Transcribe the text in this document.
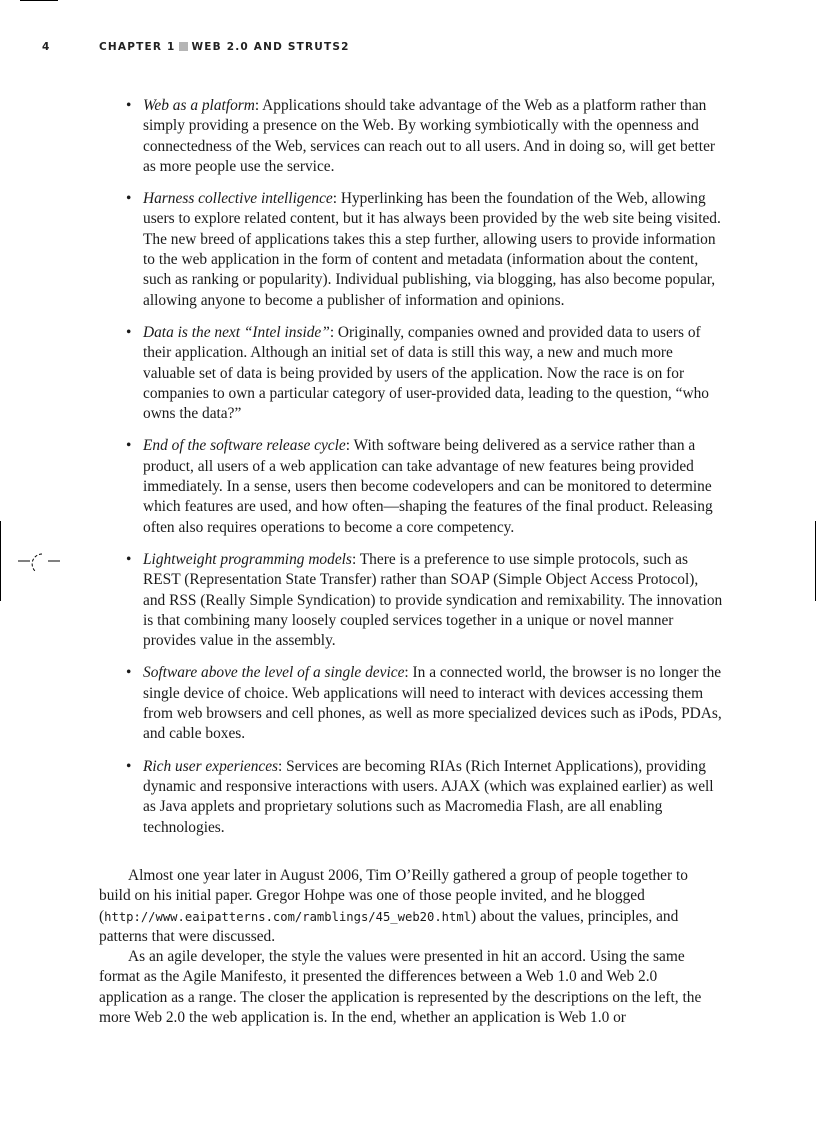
4	CHAPTER 1 WEB 2.0 AND STRUTS2
• Web as a platform: Applications should take advantage of the Web as a platform rather than simply providing a presence on the Web. By working symbiotically with the openness and connectedness of the Web, services can reach out to all users. And in doing so, will get better as more people use the service.
• Harness collective intelligence: Hyperlinking has been the foundation of the Web, allowing users to explore related content, but it has always been provided by the web site being visited. The new breed of applications takes this a step further, allowing users to provide information to the web application in the form of content and metadata (information about the content, such as ranking or popularity). Individual publishing, via blogging, has also become popular, allowing anyone to become a publisher of information and opinions.
• Data is the next “Intel inside”: Originally, companies owned and provided data to users of their application. Although an initial set of data is still this way, a new and much more valuable set of data is being provided by users of the application. Now the race is on for companies to own a particular category of user-provided data, leading to the question, “who owns the data?”
• End of the software release cycle: With software being delivered as a service rather than a product, all users of a web application can take advantage of new features being provided immediately. In a sense, users then become codevelopers and can be monitored to determine which features are used, and how often—shaping the features of the final product. Releasing often also requires operations to become a core competency.
• Lightweight programming models: There is a preference to use simple protocols, such as REST (Representation State Transfer) rather than SOAP (Simple Object Access Protocol), and RSS (Really Simple Syndication) to provide syndication and remixability. The innovation is that combining many loosely coupled services together in a unique or novel manner provides value in the assembly.
• Software above the level of a single device: In a connected world, the browser is no longer the single device of choice. Web applications will need to interact with devices accessing them from web browsers and cell phones, as well as more specialized devices such as iPods, PDAs, and cable boxes.
• Rich user experiences: Services are becoming RIAs (Rich Internet Applications), providing dynamic and responsive interactions with users. AJAX (which was explained earlier) as well as Java applets and proprietary solutions such as Macromedia Flash, are all enabling technologies.

Almost one year later in August 2006, Tim O’Reilly gathered a group of people together to build on his initial paper. Gregor Hohpe was one of those people invited, and he blogged (http://www.eaipatterns.com/ramblings/45_web20.html) about the values, principles, and patterns that were discussed.

As an agile developer, the style the values were presented in hit an accord. Using the same format as the Agile Manifesto, it presented the differences between a Web 1.0 and Web 2.0 application as a range. The closer the application is represented by the descriptions on the left, the more Web 2.0 the web application is. In the end, whether an application is Web 1.0 or
